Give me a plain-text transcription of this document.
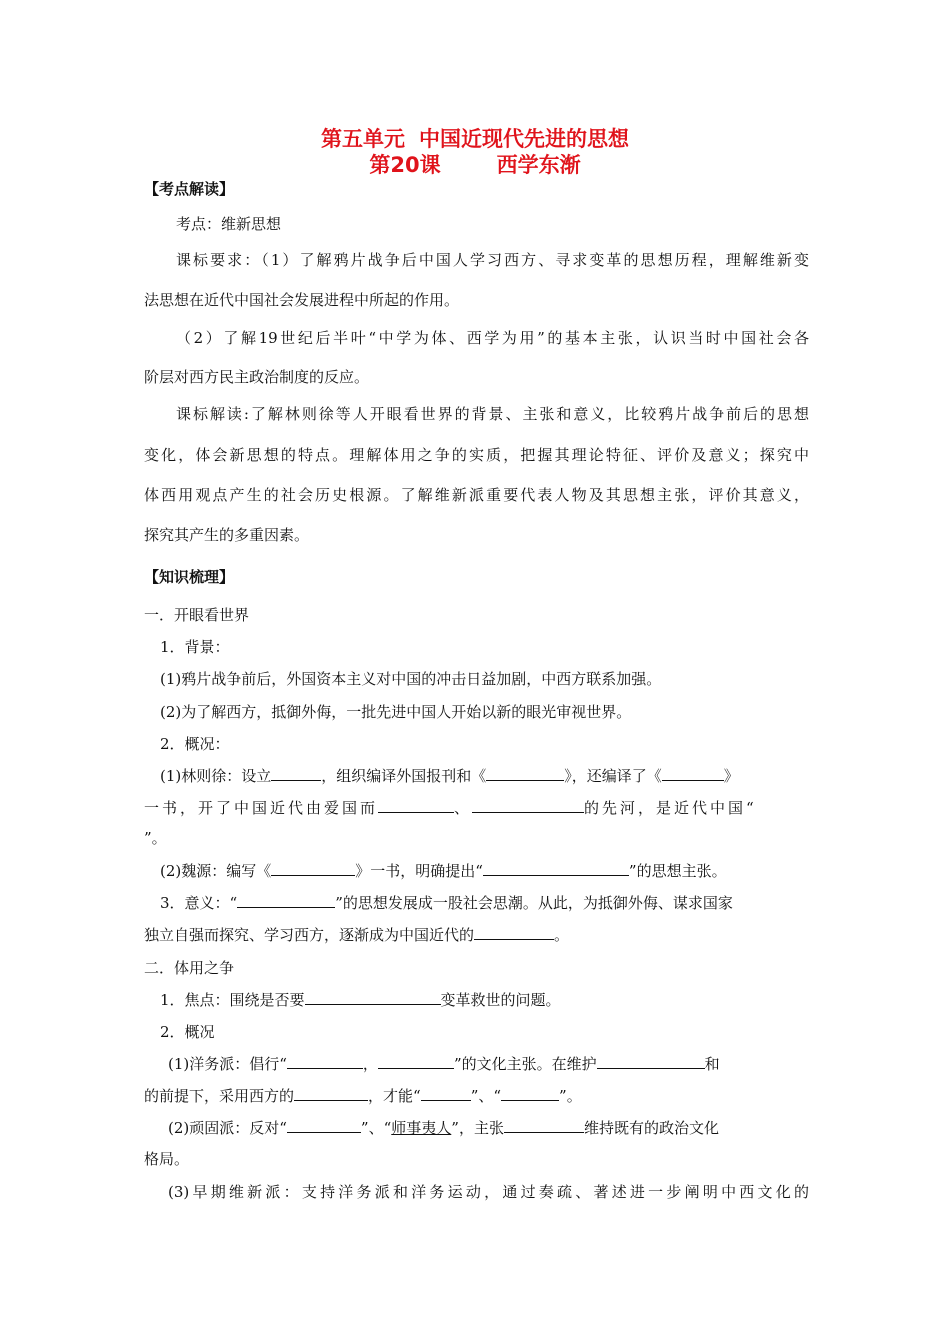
第五单元 中国近现代先进的思想
第20课	西学东渐
【考点解读】
考点：维新思想
课标要求：（1）了解鸦片战争后中国人学习西方、寻求变革的思想历程，理解维新变
法思想在近代中国社会发展进程中所起的作用。
（2）了解19世纪后半叶“中学为体、西学为用”的基本主张，认识当时中国社会各
阶层对西方民主政治制度的反应。
课标解读:了解林则徐等人开眼看世界的背景、主张和意义，比较鸦片战争前后的思想
变化，体会新思想的特点。理解体用之争的实质，把握其理论特征、评价及意义；探究中
体西用观点产生的社会历史根源。了解维新派重要代表人物及其思想主张，评价其意义，
探究其产生的多重因素。
【知识梳理】
一．开眼看世界
1．背景：
(1)鸦片战争前后，外国资本主义对中国的冲击日益加剧，中西方联系加强。
(2)为了解西方，抵御外侮，一批先进中国人开始以新的眼光审视世界。
2．概况：
(1)林则徐：设立	，组织编译外国报刊和《	》，还编译了《	》
一书，开了中国近代由爱国而	、	的先河，是近代中国“
”。
(2)魏源：编写《	》一书，明确提出“	”的思想主张。
3．意义：“	”的思想发展成一股社会思潮。从此，为抵御外侮、谋求国家
独立自强而探究、学习西方，逐渐成为中国近代的	。
二．体用之争
1．焦点：围绕是否要	变革救世的问题。
2．概况
(1)洋务派：倡行“	，	”的文化主张。在维护	和
的前提下，采用西方的	，才能“	”、“	”。
(2)顽固派：反对“	”、“师事夷人”，主张	维持既有的政治文化
格局。
(3)早期维新派：支持洋务派和洋务运动，通过奏疏、著述进一步阐明中西文化的
